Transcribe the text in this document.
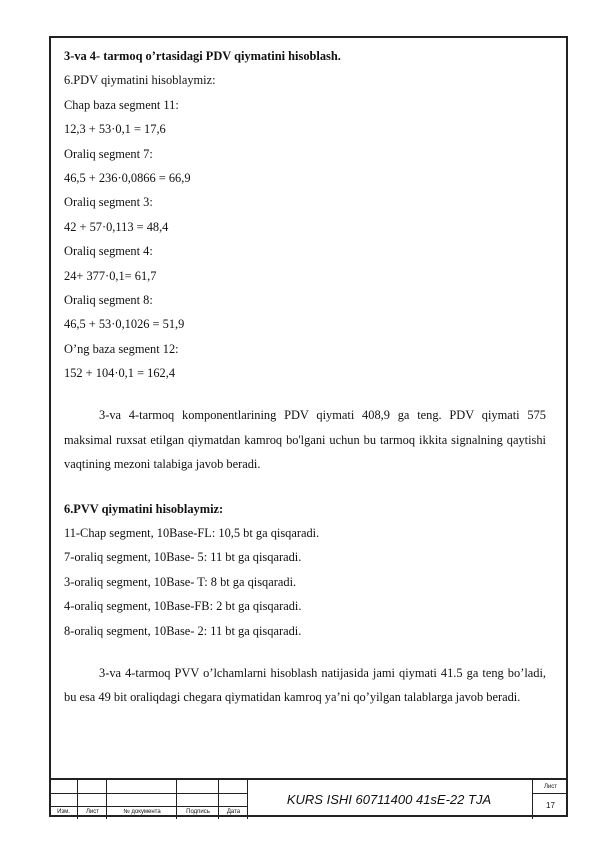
3-va 4- tarmoq o’rtasidagi PDV qiymatini hisoblash.
6.PDV qiymatini hisoblaymiz:
Chap baza segment 11:
12,3 + 53·0,1 = 17,6
Oraliq segment 7:
46,5 + 236·0,0866 = 66,9
Oraliq segment 3:
42 + 57·0,113 = 48,4
Oraliq segment 4:
24+ 377·0,1= 61,7
Oraliq segment 8:
46,5 + 53·0,1026 = 51,9
O’ng baza segment 12:
152 + 104·0,1 = 162,4
3-va 4-tarmoq komponentlarining PDV qiymati 408,9 ga teng. PDV qiymati 575 maksimal ruxsat etilgan qiymatdan kamroq bo'lgani uchun bu tarmoq ikkita signalning qaytishi vaqtining mezoni talabiga javob beradi.
6.PVV qiymatini hisoblaymiz:
11-Chap segment, 10Base-FL: 10,5 bt ga qisqaradi.
7-oraliq segment, 10Base- 5: 11 bt ga qisqaradi.
3-oraliq segment, 10Base- T: 8 bt ga qisqaradi.
4-oraliq segment, 10Base-FB: 2 bt ga qisqaradi.
8-oraliq segment, 10Base- 2: 11 bt ga qisqaradi.
3-va 4-tarmoq PVV o’lchamlarni hisoblash natijasida jami qiymati 41.5 ga teng bo’ladi, bu esa 49 bit oraliqdagi chegara qiymatidan kamroq ya’ni qo’yilgan talablarga javob beradi.
Изм.	Лист	№ документа	Подпись	Дата
KURS ISHI 60711400 41sE-22 TJA
Лист
17
